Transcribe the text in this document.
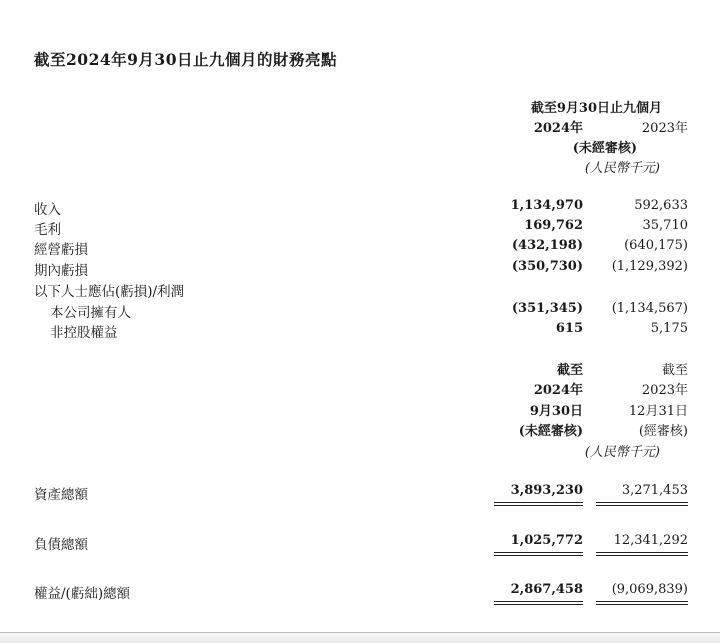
截至2024年9月30日止九個月的財務亮點
截至9月30日止九個月
2024年	2023年
(未經審核)
(人民幣千元)
收入	1,134,970	592,633
毛利	169,762	35,710
經營虧損	(432,198)	(640,175)
期內虧損	(350,730) (1,129,392)
以下人士應佔(虧損)/利潤
本公司擁有人	(351,345) (1,134,567)
非控股權益	615	5,175
截至	截至
2024年	2023年
9月30日	12月31日
(未經審核)	(經審核)
(人民幣千元)
資產總額	3,893,230	3,271,453
負債總額	1,025,772 12,341,292
權益/(虧絀)總額	2,867,458 (9,069,839)
